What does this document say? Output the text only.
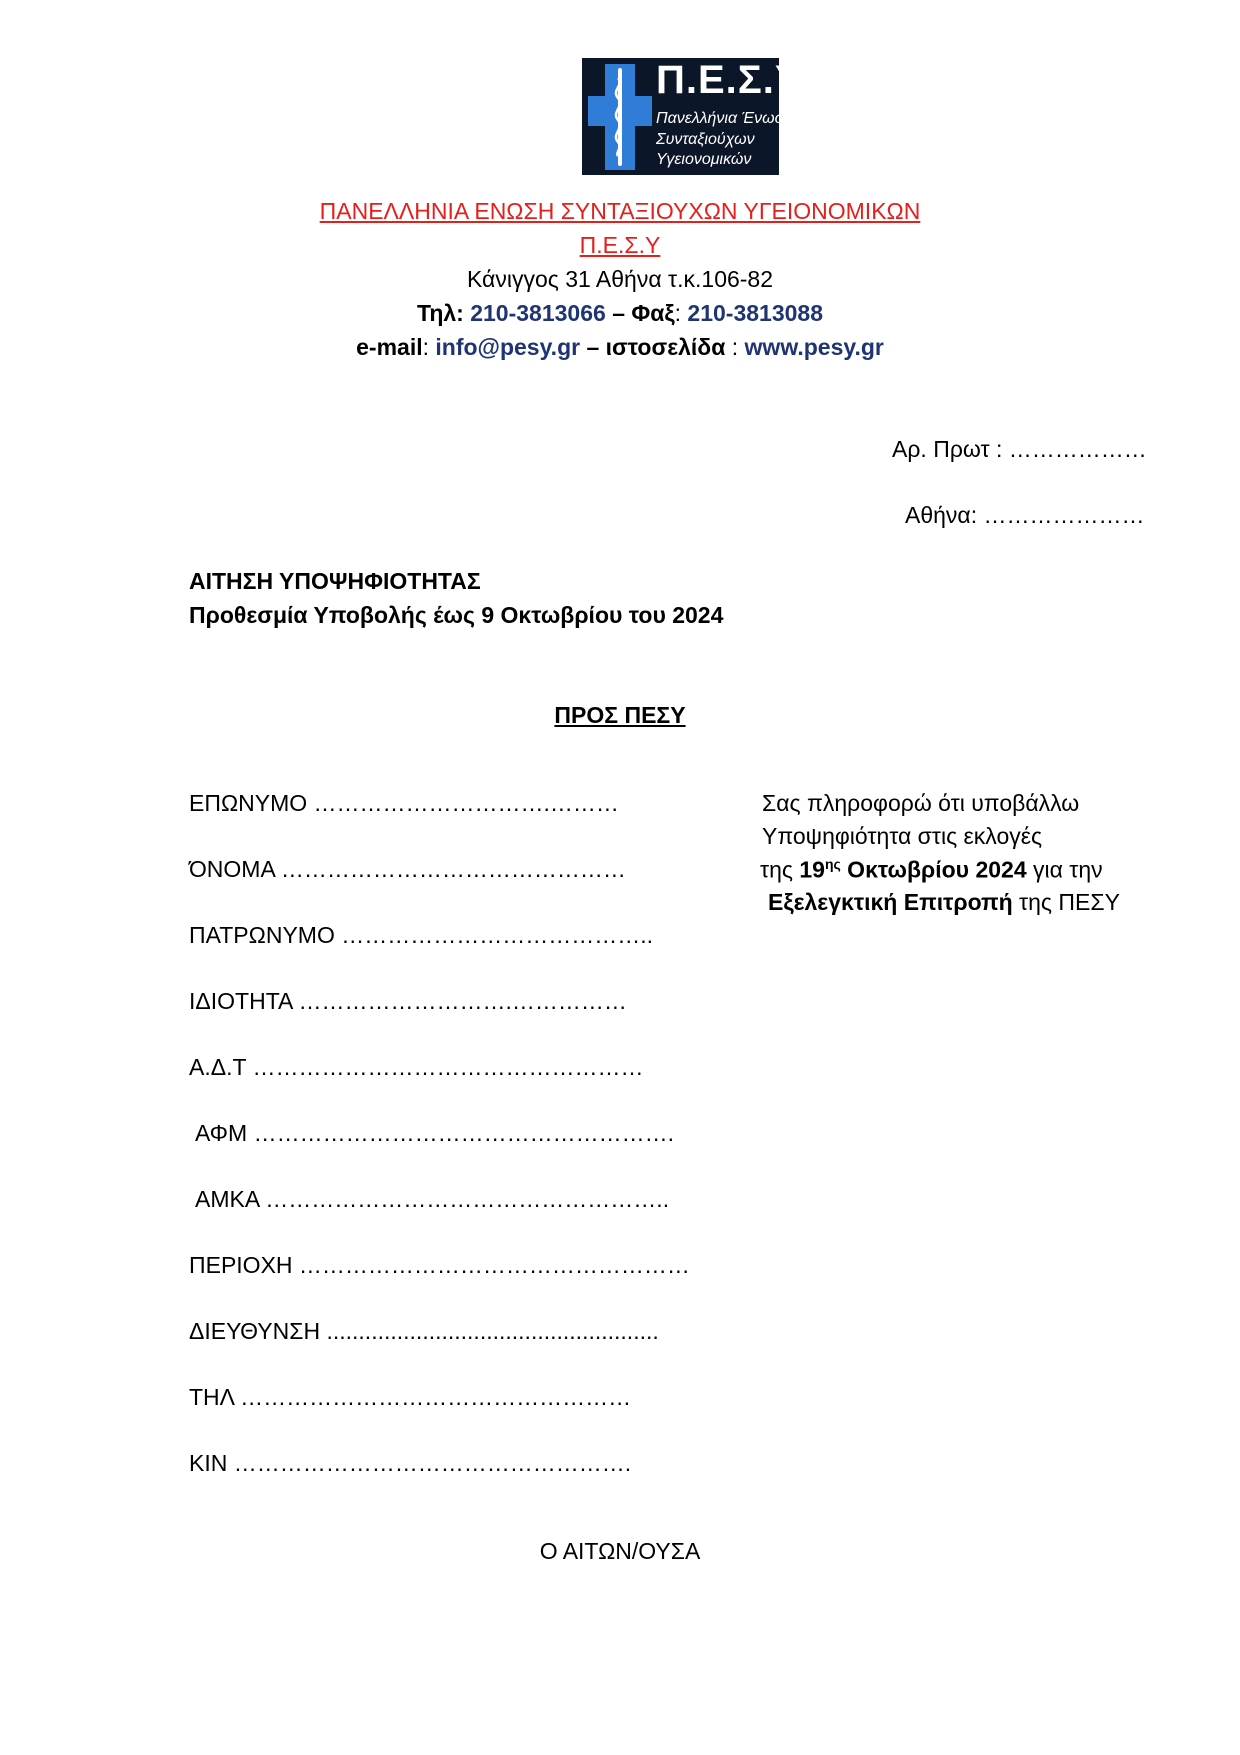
Π.Ε.Σ.Υ.
Πανελλήνια Ένωση
Συνταξιούχων
Υγειονομικών
ΠΑΝΕΛΛΗΝΙΑ ΕΝΩΣΗ ΣΥΝΤΑΞΙΟΥΧΩΝ ΥΓΕΙΟΝΟΜΙΚΩΝ
Π.Ε.Σ.Υ
Κάνιγγος 31 Αθήνα τ.κ.106-82
Τηλ: 210-3813066 – Φαξ: 210-3813088
e-mail: info@pesy.gr – ιστοσελίδα : www.pesy.gr
Αρ. Πρωτ : ………………
Αθήνα: …………………
ΑΙΤΗΣΗ ΥΠΟΨΗΦΙΟΤΗΤΑΣ
Προθεσμία Υποβολής έως 9 Οκτωβρίου του 2024
ΠΡΟΣ ΠΕΣΥ
ΕΠΩΝΥΜΟ ………………………….………
ΌΝΟΜΑ ………………………………………
ΠΑΤΡΩΝΥΜΟ …………………………………..
ΙΔΙΟΤΗΤΑ ……………………….……………
Α.Δ.Τ ……………………………………………
ΑΦΜ ……………………………………………….
ΑΜΚΑ ……………………………………………..
ΠΕΡΙΟΧΗ ……………………………………………
ΔΙΕΥΘΥΝΣΗ ....................................................
ΤΗΛ ……………………………………………
ΚΙΝ …………………………………………….
Σας πληροφορώ ότι υποβάλλω
Υποψηφιότητα στις εκλογές
της $19^{\eta\varsigma}$ Οκτωβρίου 2024 για την
Εξελεγκτική Επιτροπή της ΠΕΣΥ
Ο ΑΙΤΩΝ/ΟΥΣΑ
